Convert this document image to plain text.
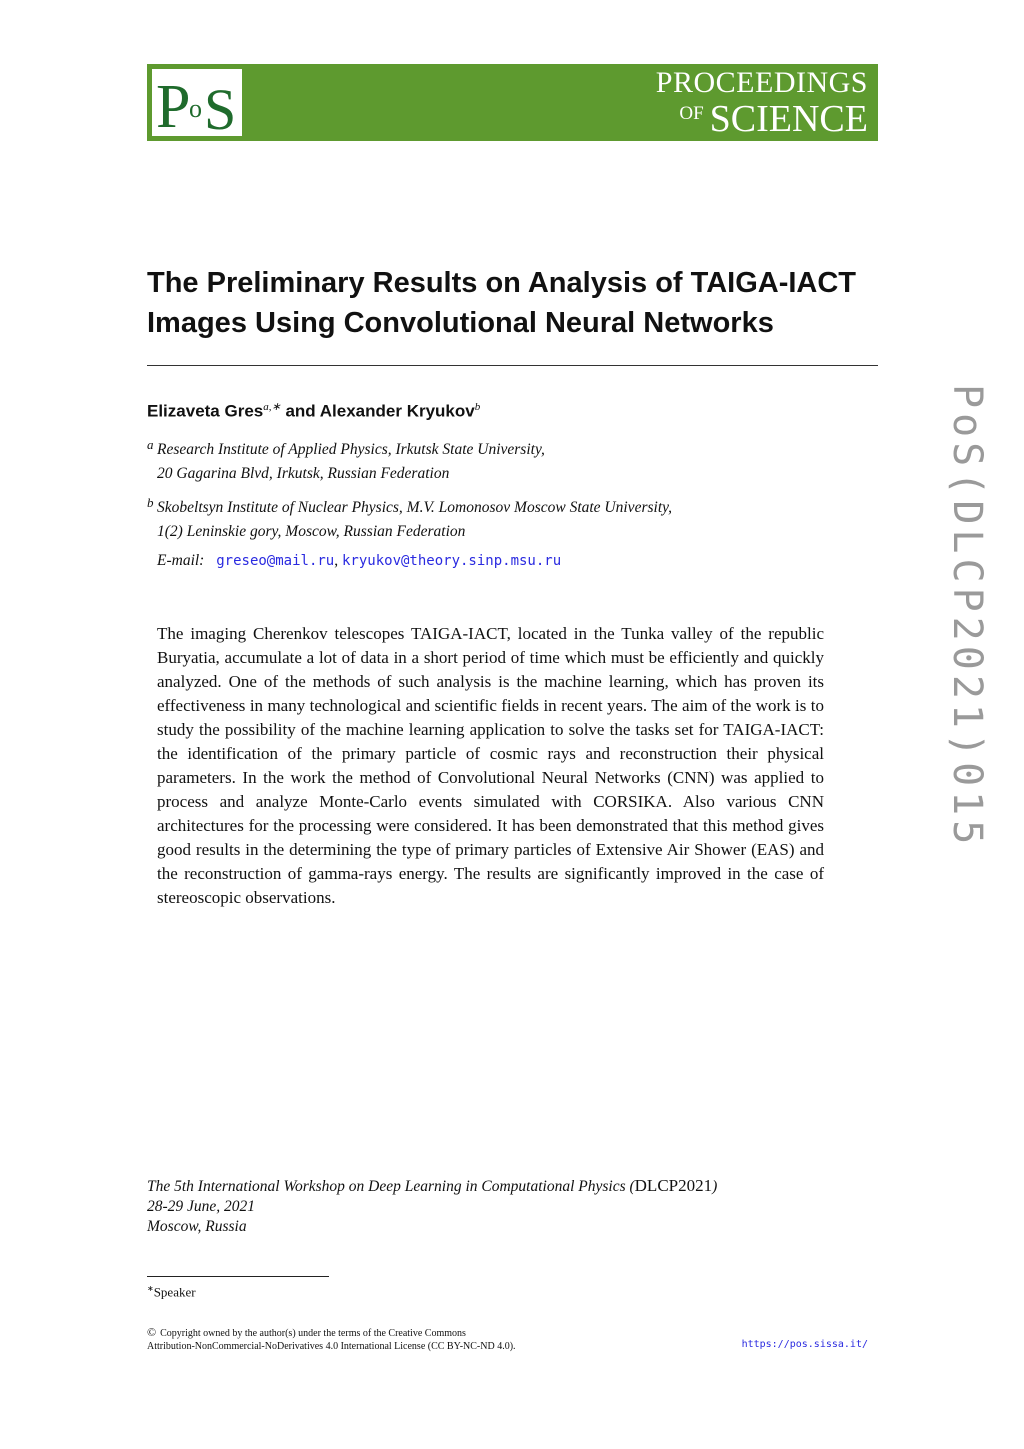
P
o S	PROCEEDINGS
OF SCIENCE
The Preliminary Results on Analysis of TAIGA-IACT
Images Using Convolutional Neural Networks
PoS(DLCP2021)015
Elizaveta Gres$^{a,∗}$ and Alexander Kryukov$^b$
a Research Institute of Applied Physics, Irkutsk State University,
20 Gagarina Blvd, Irkutsk, Russian Federation
b Skobeltsyn Institute of Nuclear Physics, M.V. Lomonosov Moscow State University,
1(2) Leninskie gory, Moscow, Russian Federation
E-mail: greseo@mail.ru, kryukov@theory.sinp.msu.ru

The imaging Cherenkov telescopes TAIGA-IACT, located in the Tunka valley of the republic Buryatia, accumulate a lot of data in a short period of time which must be efficiently and quickly analyzed. One of the methods of such analysis is the machine learning, which has proven its effectiveness in many technological and scientific fields in recent years. The aim of the work is to study the possibility of the machine learning application to solve the tasks set for TAIGA-IACT: the identification of the primary particle of cosmic rays and reconstruction their physical parameters. In the work the method of Convolutional Neural Networks (CNN) was applied to process and analyze Monte-Carlo events simulated with CORSIKA. Also various CNN architectures for the processing were considered. It has been demonstrated that this method gives good results in the determining the type of primary particles of Extensive Air Shower (EAS) and the reconstruction of gamma-rays energy. The results are significantly improved in the case of stereoscopic observations.

The 5th International Workshop on Deep Learning in Computational Physics (DLCP2021)
28-29 June, 2021
Moscow, Russia
∗Speaker
© Copyright owned by the author(s) under the terms of the Creative Commons
Attribution-NonCommercial-NoDerivatives 4.0 International License (CC BY-NC-ND 4.0).	https://pos.sissa.it/
